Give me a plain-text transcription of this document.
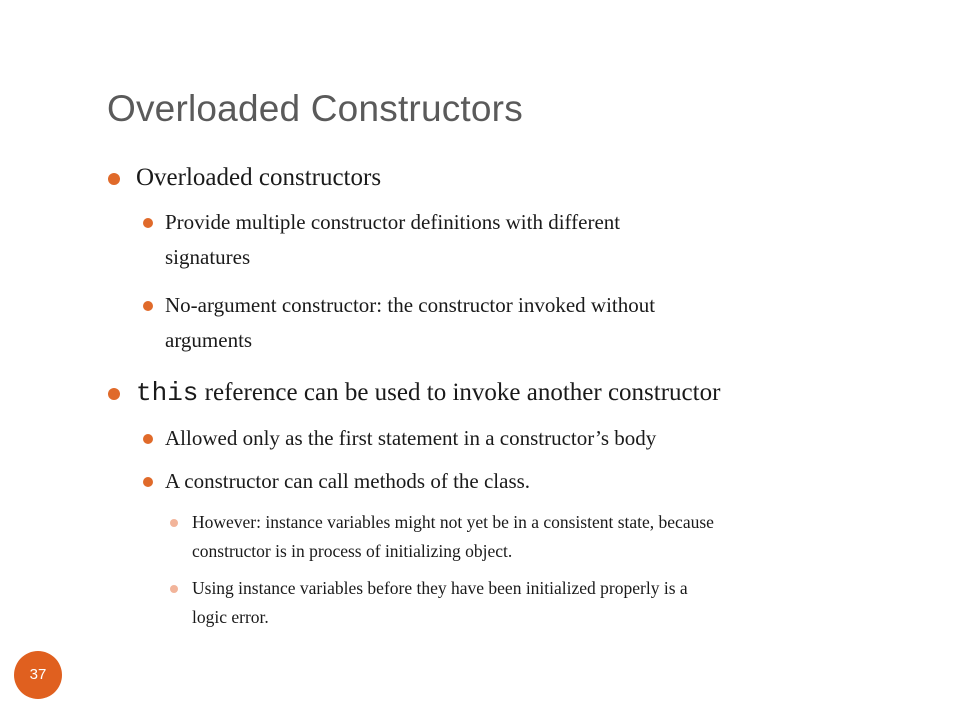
Overloaded Constructors
Overloaded constructors
Provide multiple constructor definitions with different
signatures
No-argument constructor: the constructor invoked without
arguments
this reference can be used to invoke another constructor
Allowed only as the first statement in a constructor’s body
A constructor can call methods of the class.
However: instance variables might not yet be in a consistent state, because
constructor is in process of initializing object.
Using instance variables before they have been initialized properly is a
logic error.
37
